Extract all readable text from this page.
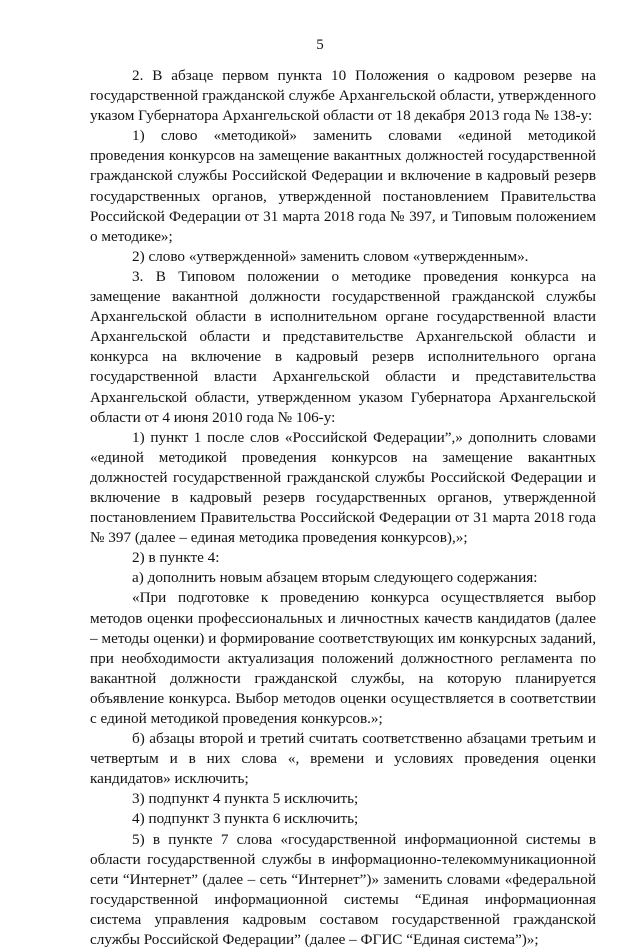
5

2. В абзаце первом пункта 10 Положения о кадровом резерве на государственной гражданской службе Архангельской области, утвержденного указом Губернатора Архангельской области от 18 декабря 2013 года № 138-у:

1) слово «методикой» заменить словами «единой методикой проведения конкурсов на замещение вакантных должностей государственной гражданской службы Российской Федерации и включение в кадровый резерв государственных органов, утвержденной постановлением Правительства Российской Федерации от 31 марта 2018 года № 397, и Типовым положением о методике»;

2) слово «утвержденной» заменить словом «утвержденным».

3. В Типовом положении о методике проведения конкурса на замещение вакантной должности государственной гражданской службы Архангельской области в исполнительном органе государственной власти Архангельской области и представительстве Архангельской области и конкурса на включение в кадровый резерв исполнительного органа государственной власти Архангельской области и представительства Архангельской области, утвержденном указом Губернатора Архангельской области от 4 июня 2010 года № 106-у:

1) пункт 1 после слов «Российской Федерации”,» дополнить словами «единой методикой проведения конкурсов на замещение вакантных должностей государственной гражданской службы Российской Федерации и включение в кадровый резерв государственных органов, утвержденной постановлением Правительства Российской Федерации от 31 марта 2018 года № 397 (далее – единая методика проведения конкурсов),»;

2) в пункте 4:

а) дополнить новым абзацем вторым следующего содержания:

«При подготовке к проведению конкурса осуществляется выбор методов оценки профессиональных и личностных качеств кандидатов (далее – методы оценки) и формирование соответствующих им конкурсных заданий, при необходимости актуализация положений должностного регламента по вакантной должности гражданской службы, на которую планируется объявление конкурса. Выбор методов оценки осуществляется в соответствии с единой методикой проведения конкурсов.»;

б) абзацы второй и третий считать соответственно абзацами третьим и четвертым и в них слова «, времени и условиях проведения оценки кандидатов» исключить;

3) подпункт 4 пункта 5 исключить;

4) подпункт 3 пункта 6 исключить;

5) в пункте 7 слова «государственной информационной системы в области государственной службы в информационно-телекоммуникационной сети “Интернет” (далее – сеть “Интернет”)» заменить словами «федеральной государственной информационной системы “Единая информационная система управления кадровым составом государственной гражданской службы Российской Федерации” (далее – ФГИС “Единая система”)»;
